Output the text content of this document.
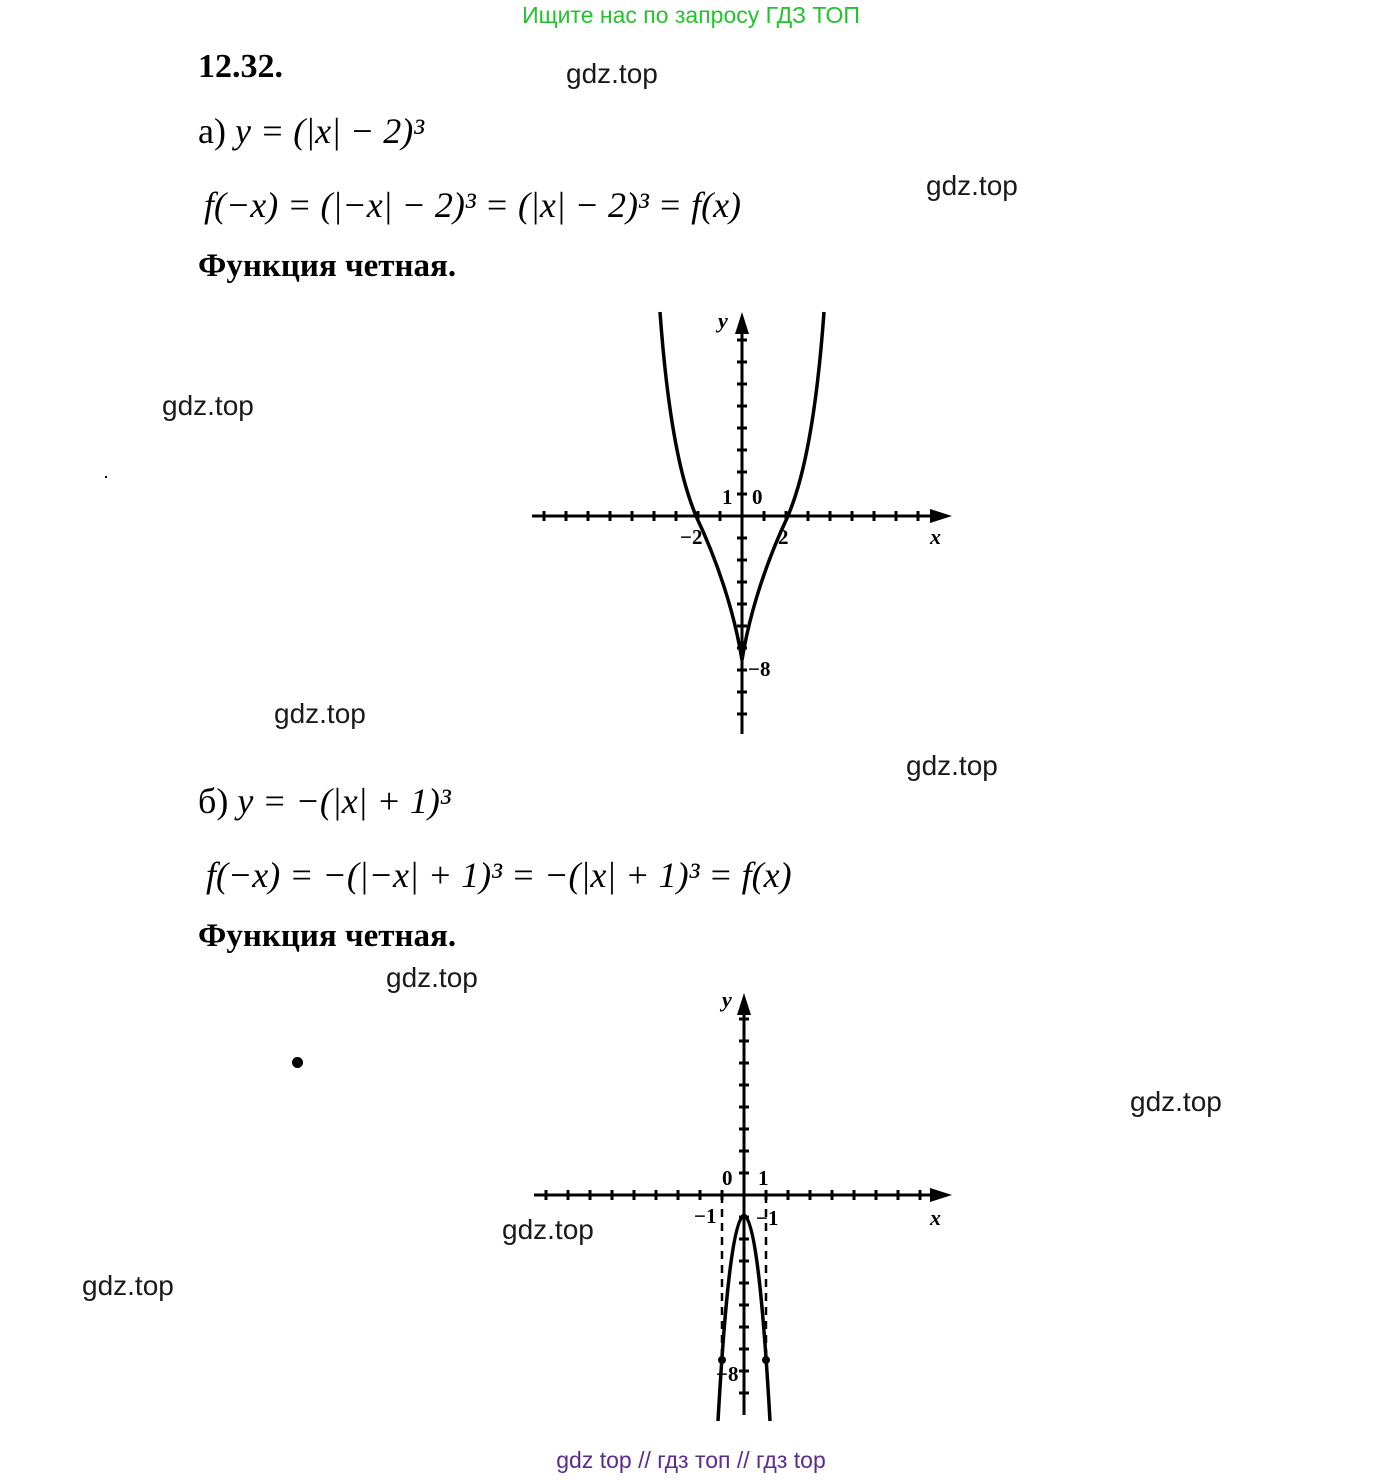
Ищите нас по запросу ГДЗ ТОП
12.32.
а) y = (|x| − 2)³
f(−x) = (|−x| − 2)³ = (|x| − 2)³ = f(x)
Функция четная.
y
x
1 0
−2	2
−8
б) y = −(|x| + 1)³
f(−x) = −(|−x| + 1)³ = −(|x| + 1)³ = f(x)
Функция четная.
y
x
0 1
−1 −1
−8
gdz.top
gdz.top
gdz.top
gdz.top
gdz.top
gdz.top
gdz.top
gdz.top
gdz.top
gdz top // гдз топ // гдз top
